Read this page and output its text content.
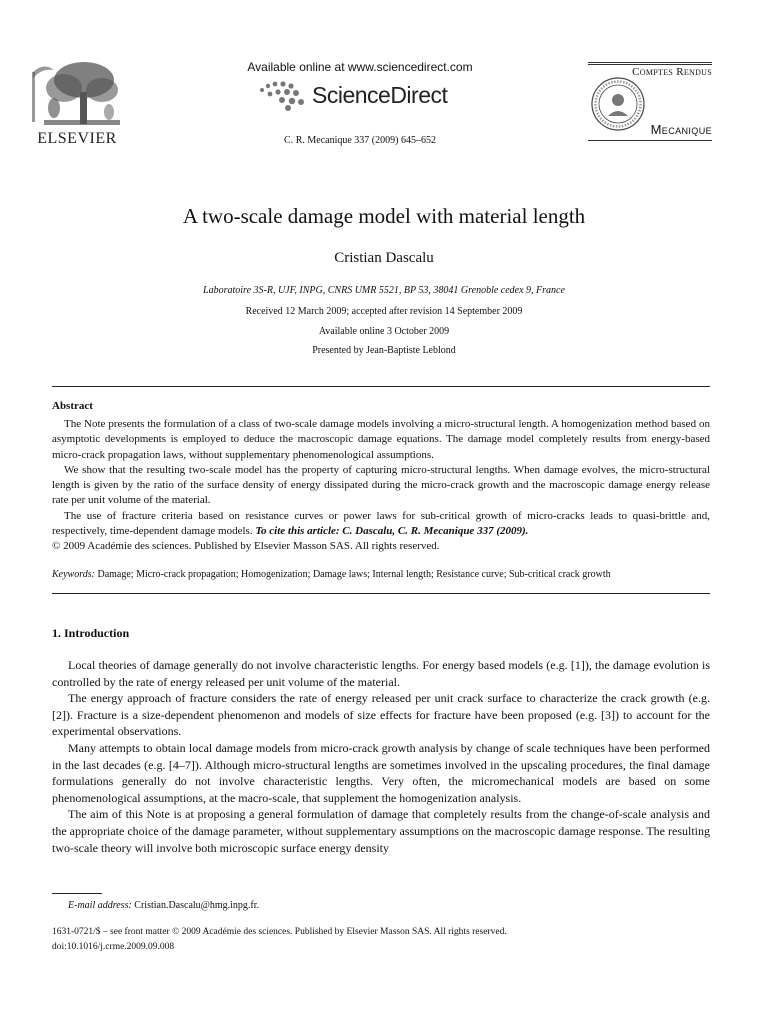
ELSEVIER
Available online at www.sciencedirect.com
ScienceDirect
C. R. Mecanique 337 (2009) 645–652
Comptes Rendus
Mecanique
A two-scale damage model with material length
Cristian Dascalu
Laboratoire 3S-R, UJF, INPG, CNRS UMR 5521, BP 53, 38041 Grenoble cedex 9, France
Received 12 March 2009; accepted after revision 14 September 2009
Available online 3 October 2009
Presented by Jean-Baptiste Leblond
Abstract

The Note presents the formulation of a class of two-scale damage models involving a micro-structural length. A homogenization method based on asymptotic developments is employed to deduce the macroscopic damage equations. The damage model completely results from energy-based micro-crack propagation laws, without supplementary phenomenological assumptions.

We show that the resulting two-scale model has the property of capturing micro-structural lengths. When damage evolves, the micro-structural length is given by the ratio of the surface density of energy dissipated during the micro-crack growth and the macroscopic damage energy release rate per unit volume of the material.

The use of fracture criteria based on resistance curves or power laws for sub-critical growth of micro-cracks leads to quasi-brittle and, respectively, time-dependent damage models. To cite this article: C. Dascalu, C. R. Mecanique 337 (2009).

© 2009 Académie des sciences. Published by Elsevier Masson SAS. All rights reserved.

Keywords: Damage; Micro-crack propagation; Homogenization; Damage laws; Internal length; Resistance curve; Sub-critical crack growth
1. Introduction

Local theories of damage generally do not involve characteristic lengths. For energy based models (e.g. [1]), the damage evolution is controlled by the rate of energy released per unit volume of the material.

The energy approach of fracture considers the rate of energy released per unit crack surface to characterize the crack growth (e.g. [2]). Fracture is a size-dependent phenomenon and models of size effects for fracture have been proposed (e.g. [3]) to account for the experimental observations.

Many attempts to obtain local damage models from micro-crack growth analysis by change of scale techniques have been performed in the last decades (e.g. [4–7]). Although micro-structural lengths are sometimes involved in the upscaling procedures, the final damage formulations generally do not involve characteristic lengths. Very often, the micromechanical models are based on some phenomenological assumptions, at the macro-scale, that supplement the homogenization analysis.

The aim of this Note is at proposing a general formulation of damage that completely results from the change-of-scale analysis and the appropriate choice of the damage parameter, without supplementary assumptions on the macroscopic damage response. The resulting two-scale theory will involve both microscopic surface energy density

E-mail address: Cristian.Dascalu@hmg.inpg.fr.
1631-0721/$ – see front matter © 2009 Académie des sciences. Published by Elsevier Masson SAS. All rights reserved.
doi:10.1016/j.crme.2009.09.008
